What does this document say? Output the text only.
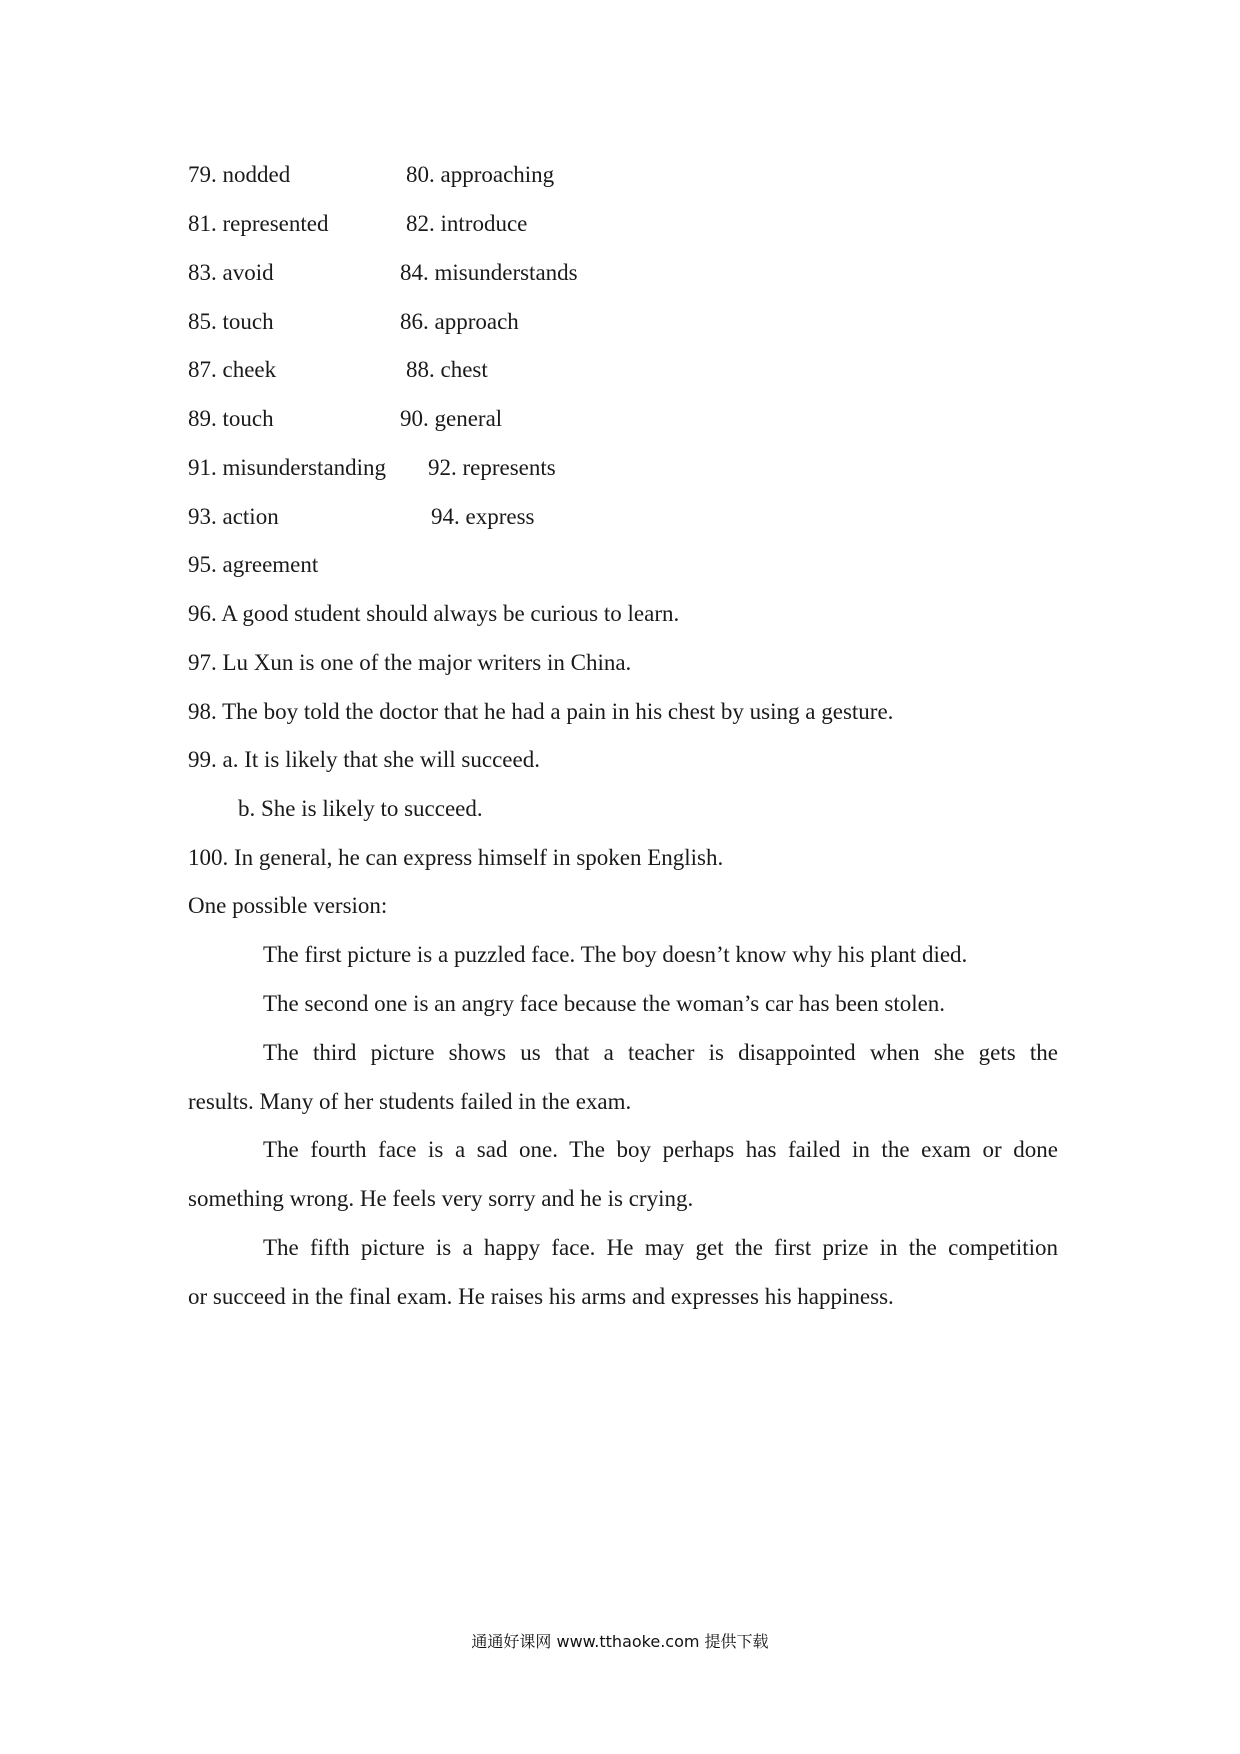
79. nodded	80. approaching
81. represented	82. introduce
83. avoid	84. misunderstands
85. touch	86. approach
87. cheek	88. chest
89. touch	90. general
91. misunderstanding 92. represents
93. action	94. express
95. agreement
96. A good student should always be curious to learn.
97. Lu Xun is one of the major writers in China.
98. The boy told the doctor that he had a pain in his chest by using a gesture.
99. a. It is likely that she will succeed.
b. She is likely to succeed.
100. In general, he can express himself in spoken English.
One possible version:
The first picture is a puzzled face. The boy doesn’t know why his plant died.
The second one is an angry face because the woman’s car has been stolen.
The third picture shows us that a teacher is disappointed when she gets the
results. Many of her students failed in the exam.
The fourth face is a sad one. The boy perhaps has failed in the exam or done
something wrong. He feels very sorry and he is crying.
The fifth picture is a happy face. He may get the first prize in the competition
or succeed in the final exam. He raises his arms and expresses his happiness.
通通好课网 www.tthaoke.com 提供下载
